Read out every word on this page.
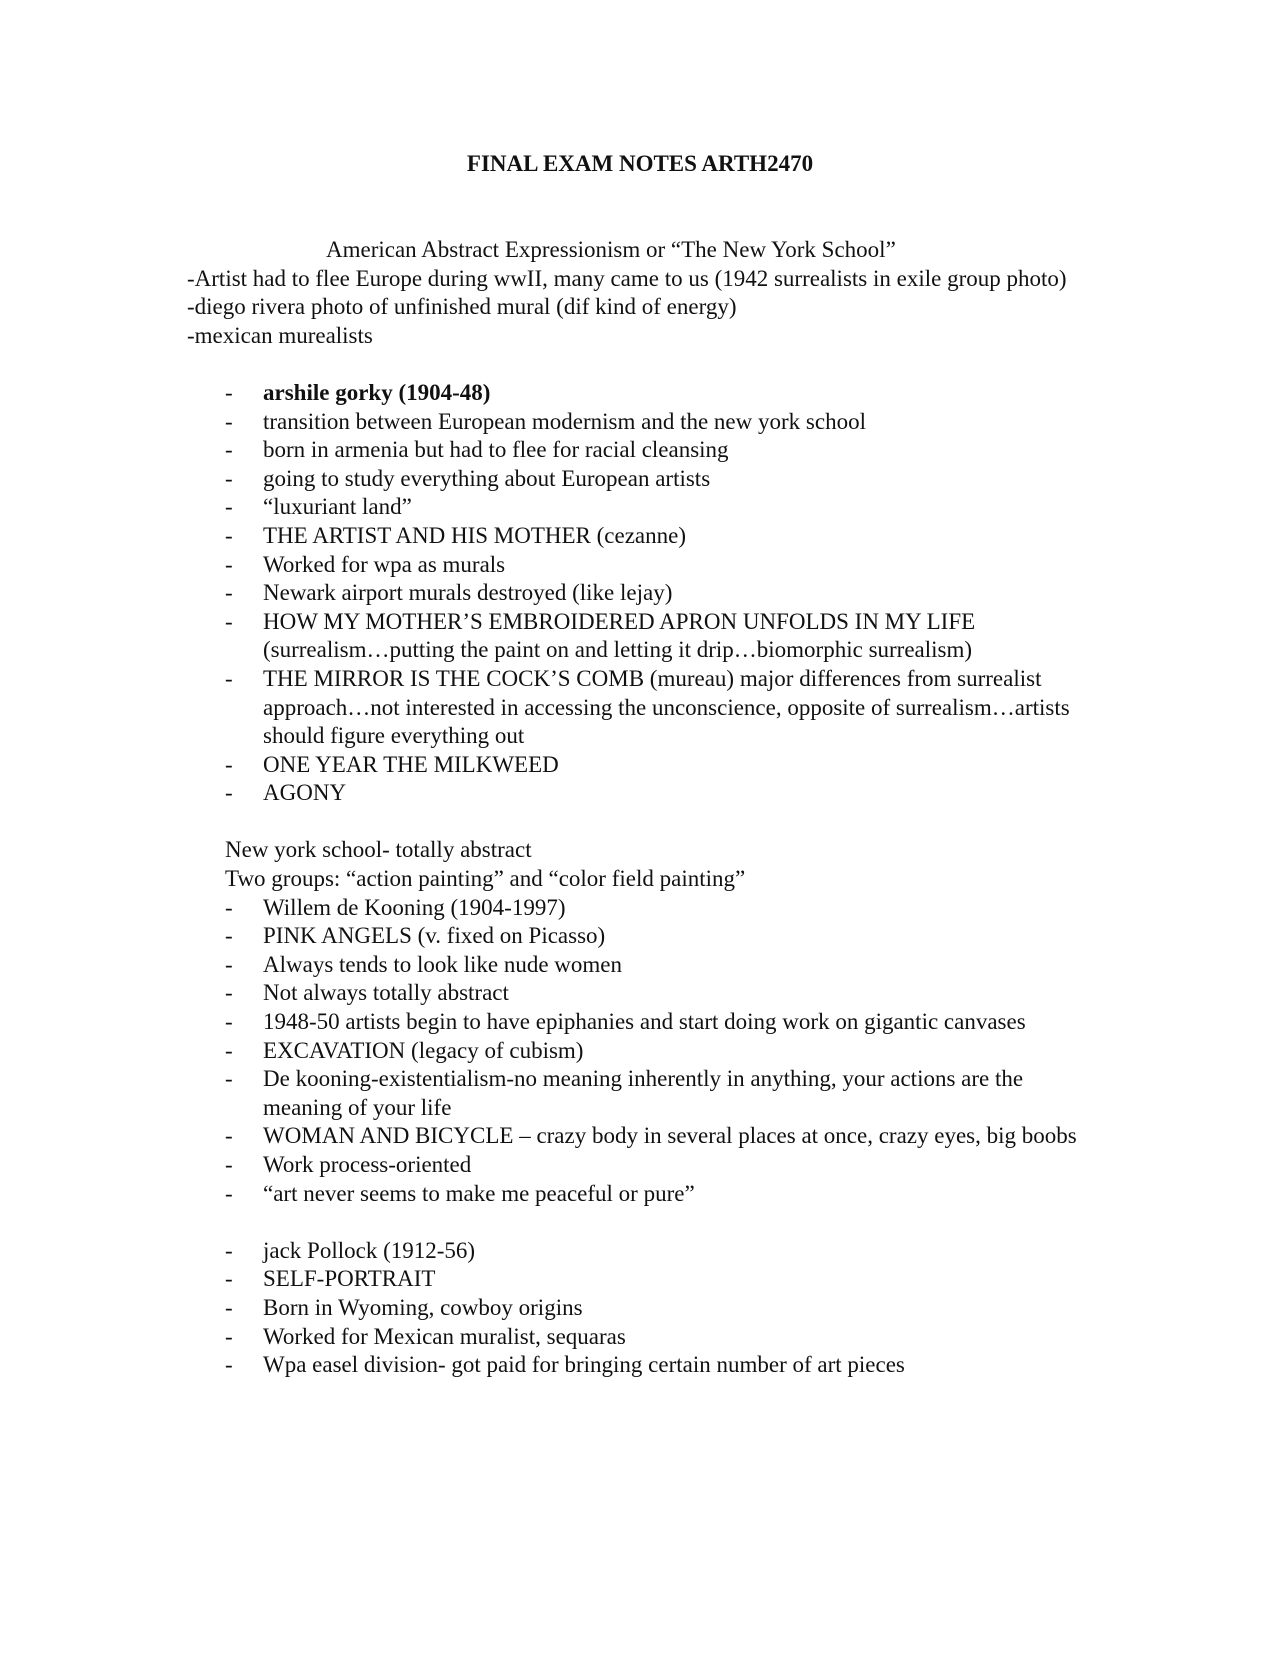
FINAL EXAM NOTES ARTH2470
American Abstract Expressionism or “The New York School”
-Artist had to flee Europe during wwII, many came to us (1942 surrealists in exile group photo)
-diego rivera photo of unfinished mural (dif kind of energy)
-mexican murealists
-	arshile gorky (1904-48)
-	transition between European modernism and the new york school
-	born in armenia but had to flee for racial cleansing
-	going to study everything about European artists
-	“luxuriant land”
-	THE ARTIST AND HIS MOTHER (cezanne)
-	Worked for wpa as murals
-	Newark airport murals destroyed (like lejay)
-	HOW MY MOTHER’S EMBROIDERED APRON UNFOLDS IN MY LIFE (surrealism…putting the paint on and letting it drip…biomorphic surrealism)
-	THE MIRROR IS THE COCK’S COMB (mureau) major differences from surrealist approach…not interested in accessing the unconscience, opposite of surrealism…artists should figure everything out
-	ONE YEAR THE MILKWEED
-	AGONY
New york school- totally abstract
Two groups: “action painting” and “color field painting”
-	Willem de Kooning (1904-1997)
-	PINK ANGELS (v. fixed on Picasso)
-	Always tends to look like nude women
-	Not always totally abstract
-	1948-50 artists begin to have epiphanies and start doing work on gigantic canvases
-	EXCAVATION (legacy of cubism)
-	De kooning-existentialism-no meaning inherently in anything, your actions are the meaning of your life
-	WOMAN AND BICYCLE – crazy body in several places at once, crazy eyes, big boobs
-	Work process-oriented
-	“art never seems to make me peaceful or pure”
-	jack Pollock (1912-56)
-	SELF-PORTRAIT
-	Born in Wyoming, cowboy origins
-	Worked for Mexican muralist, sequaras
-	Wpa easel division- got paid for bringing certain number of art pieces
